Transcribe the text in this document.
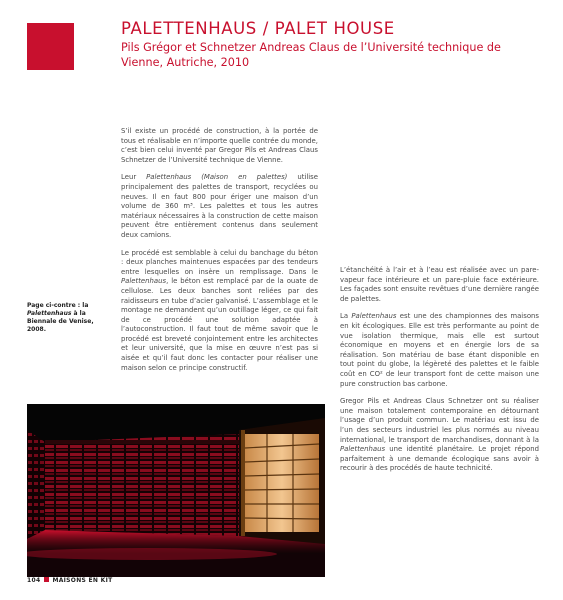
PALETTENHAUS / PALET HOUSE
Pils Grégor et Schnetzer Andreas Claus de l’Université technique de Vienne, Autriche, 2010

S’il existe un procédé de construction, à la portée de tous et réalisable en n’importe quelle contrée du monde, c’est bien celui inventé par Gregor Pils et Andreas Claus Schnetzer de l’Université technique de Vienne.

Leur Palettenhaus (Maison en palettes) utilise principalement des palettes de transport, recyclées ou neuves. Il en faut 800 pour ériger une maison d’un volume de 360 m³. Les palettes et tous les autres matériaux nécessaires à la construction de cette maison peuvent être entièrement contenus dans seulement deux camions.

Le procédé est semblable à celui du banchage du béton : deux planches maintenues espacées par des tendeurs entre lesquelles on insère un remplissage. Dans le Palettenhaus, le béton est remplacé par de la ouate de cellulose. Les deux banches sont reliées par des raidisseurs en tube d’acier galvanisé. L’assemblage et le montage ne demandent qu’un outillage léger, ce qui fait de ce procédé une solution adaptée à l’autoconstruction. Il faut tout de même savoir que le procédé est breveté conjointement entre les architectes et leur université, que la mise en œuvre n’est pas si aisée et qu’il faut donc les contacter pour réaliser une maison selon ce principe constructif.

L’étanchéité à l’air et à l’eau est réalisée avec un pare-vapeur face intérieure et un pare-pluie face extérieure. Les façades sont ensuite revêtues d’une dernière rangée de palettes.

La Palettenhaus est une des championnes des maisons en kit écologiques. Elle est très performante au point de vue isolation thermique, mais elle est surtout économique en moyens et en énergie lors de sa réalisation. Son matériau de base étant disponible en tout point du globe, la légèreté des palettes et le faible coût en CO² de leur transport font de cette maison une pure construction bas carbone.

Gregor Pils et Andreas Claus Schnetzer ont su réaliser une maison totalement contemporaine en détournant l’usage d’un produit commun. Le matériau est issu de l’un des secteurs industriel les plus normés au niveau international, le transport de marchandises, donnant à la Palettenhaus une identité planétaire. Le projet répond parfaitement à une demande écologique sans avoir à recourir à des procédés de haute technicité.

Page ci-contre : la Palettenhaus à la Biennale de Venise, 2008.
104 MAISONS EN KIT
